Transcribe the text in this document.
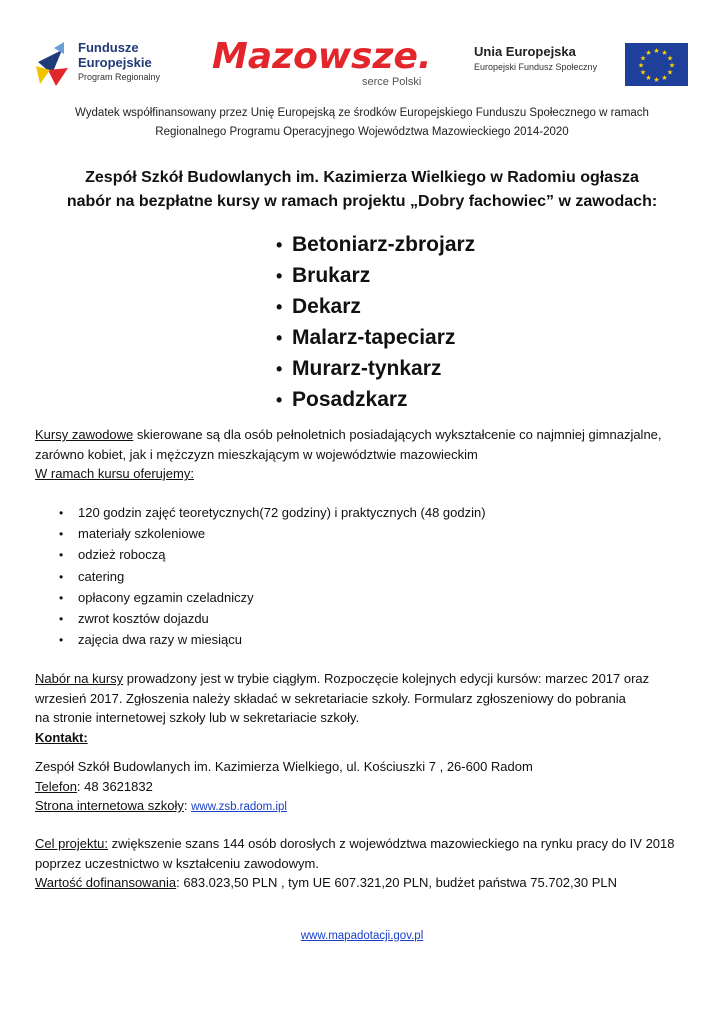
Fundusze
Europejskie
Program Regionalny Mazowsze.
serce Polski
Unia Europejska
Europejski Fundusz Społeczny
★ ★
★
★
★
★
★
★
★
★
★
★
Wydatek współfinansowany przez Unię Europejską ze środków Europejskiego Funduszu Społecznego w ramach
Regionalnego Programu Operacyjnego Województwa Mazowieckiego 2014-2020
Zespół Szkół Budowlanych im. Kazimierza Wielkiego w Radomiu ogłasza
nabór na bezpłatne kursy w ramach projektu „Dobry fachowiec” w zawodach:
• Betoniarz-zbrojarz
• Brukarz
• Dekarz
• Malarz-tapeciarz
• Murarz-tynkarz
• Posadzkarz
Kursy zawodowe skierowane są dla osób pełnoletnich posiadających wykształcenie co najmniej gimnazjalne,
zarówno kobiet, jak i mężczyzn mieszkającym w województwie mazowieckim
W ramach kursu oferujemy:
• 120 godzin zajęć teoretycznych(72 godziny) i praktycznych (48 godzin)
• materiały szkoleniowe
• odzież roboczą
• catering
• opłacony egzamin czeladniczy
• zwrot kosztów dojazdu
• zajęcia dwa razy w miesiącu
Nabór na kursy prowadzony jest w trybie ciągłym. Rozpoczęcie kolejnych edycji kursów: marzec 2017 oraz
wrzesień 2017. Zgłoszenia należy składać w sekretariacie szkoły. Formularz zgłoszeniowy do pobrania
na stronie internetowej szkoły lub w sekretariacie szkoły.
Kontakt:
Zespół Szkół Budowlanych im. Kazimierza Wielkiego, ul. Kościuszki 7 , 26-600 Radom
Telefon: 48 3621832
Strona internetowa szkoły: www.zsb.radom.ipl
Cel projektu: zwiększenie szans 144 osób dorosłych z województwa mazowieckiego na rynku pracy do IV 2018
poprzez uczestnictwo w kształceniu zawodowym.
Wartość dofinansowania: 683.023,50 PLN , tym UE 607.321,20 PLN, budżet państwa 75.702,30 PLN
www.mapadotacji.gov.pl
